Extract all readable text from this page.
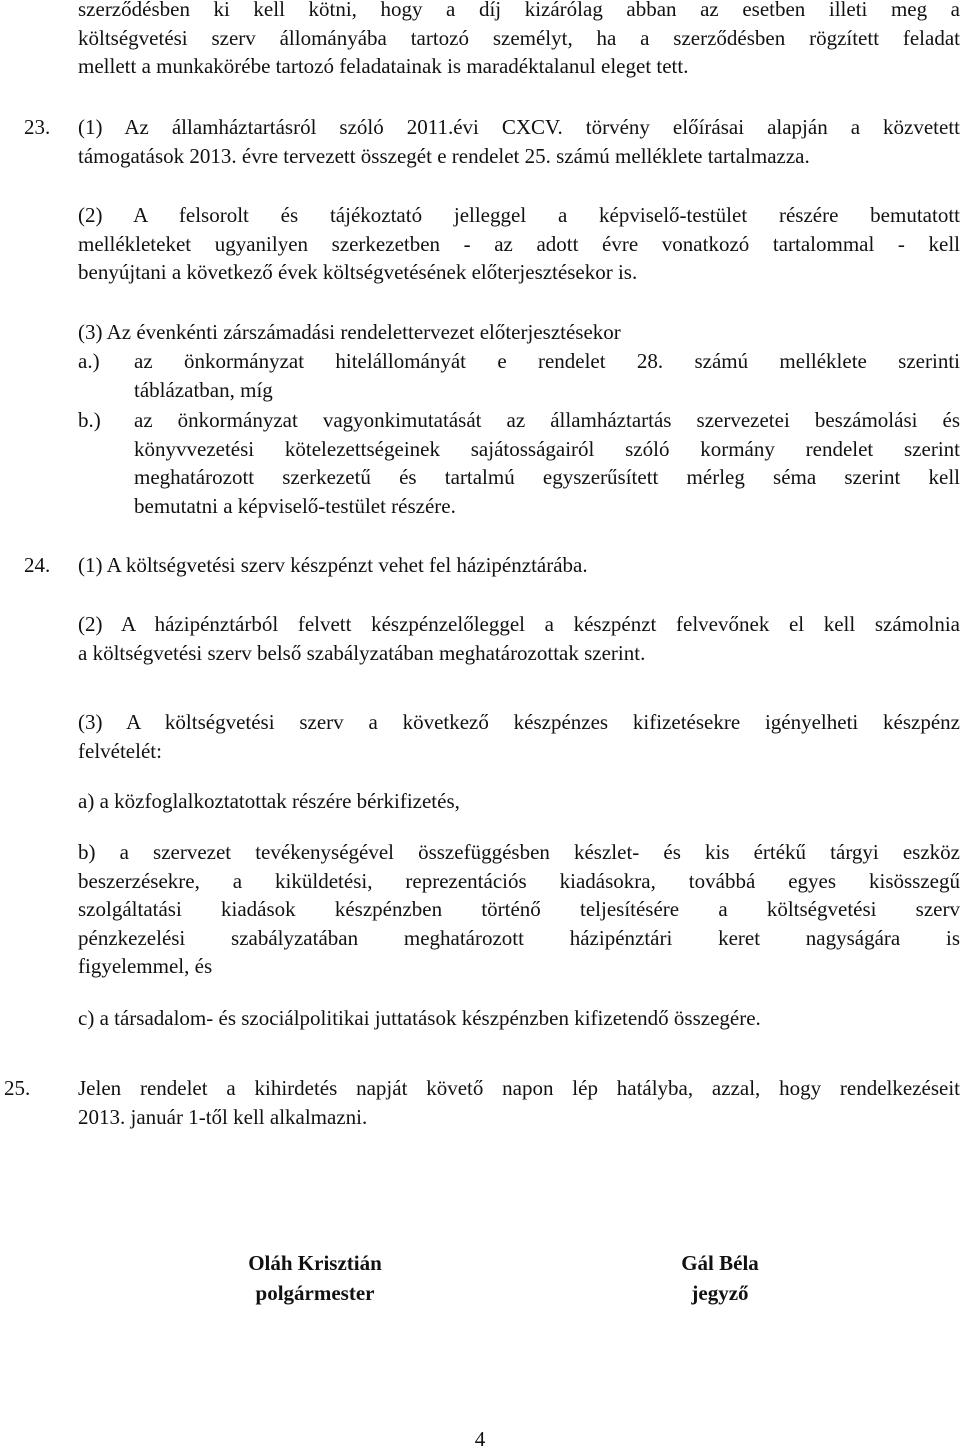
szerződésben ki kell kötni, hogy a díj kizárólag abban az esetben illeti meg a
költségvetési szerv állományába tartozó személyt, ha a szerződésben rögzített feladat
mellett a munkakörébe tartozó feladatainak is maradéktalanul eleget tett.
23.	(1) Az államháztartásról szóló 2011.évi CXCV. törvény előírásai alapján a közvetett
támogatások 2013. évre tervezett összegét e rendelet 25. számú melléklete tartalmazza.
(2) A felsorolt és tájékoztató jelleggel a képviselő-testület részére bemutatott
mellékleteket ugyanilyen szerkezetben - az adott évre vonatkozó tartalommal - kell
benyújtani a következő évek költségvetésének előterjesztésekor is.
(3) Az évenkénti zárszámadási rendelettervezet előterjesztésekor
a.)	az önkormányzat hitelállományát e rendelet 28. számú melléklete szerinti
táblázatban, míg
b.)	az önkormányzat vagyonkimutatását az államháztartás szervezetei beszámolási és
könyvvezetési kötelezettségeinek sajátosságairól szóló kormány rendelet szerint
meghatározott szerkezetű és tartalmú egyszerűsített mérleg séma szerint kell
bemutatni a képviselő-testület részére.
24.	(1) A költségvetési szerv készpénzt vehet fel házipénztárába.
(2) A házipénztárból felvett készpénzelőleggel a készpénzt felvevőnek el kell számolnia
a költségvetési szerv belső szabályzatában meghatározottak szerint.
(3) A költségvetési szerv a következő készpénzes kifizetésekre igényelheti készpénz
felvételét:
a) a közfoglalkoztatottak részére bérkifizetés,
b) a szervezet tevékenységével összefüggésben készlet- és kis értékű tárgyi eszköz
beszerzésekre, a kiküldetési, reprezentációs kiadásokra, továbbá egyes kisösszegű
szolgáltatási kiadások készpénzben történő teljesítésére a költségvetési szerv
pénzkezelési szabályzatában meghatározott házipénztári keret nagyságára is
figyelemmel, és
c) a társadalom- és szociálpolitikai juttatások készpénzben kifizetendő összegére.
25.	Jelen rendelet a kihirdetés napját követő napon lép hatályba, azzal, hogy rendelkezéseit
2013. január 1-től kell alkalmazni.
Oláh Krisztián
polgármester
Gál Béla
jegyző
4
